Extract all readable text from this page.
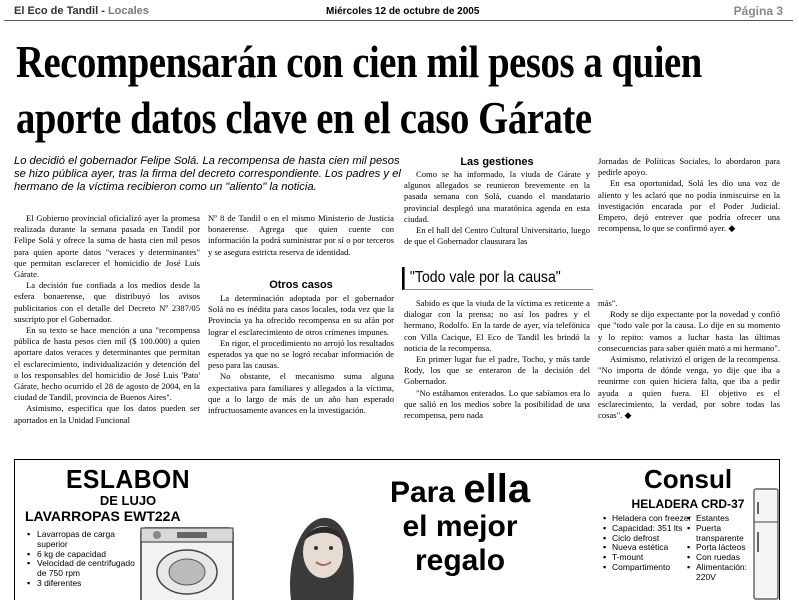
El Eco de Tandil - Locales	Miércoles 12 de octubre de 2005	Página 3
Recompensarán con cien mil pesos a quien
aporte datos clave en el caso Gárate
Lo decidió el gobernador Felipe Solá. La recompensa de hasta cien mil pesos se hizo pública ayer, tras la firma del decreto correspondiente. Los padres y el hermano de la víctima recibieron como un "aliento" la noticia.

El Gobierno provincial oficializó ayer la promesa realizada durante la semana pasada en Tandil por Felipe Solá y ofrece la suma de hasta cien mil pesos para quien aporte datos "veraces y determinantes" que permitan esclarecer el homicidio de José Luis Gárate.

La decisión fue confiada a los medios desde la esfera bonaerense, que distribuyó los avisos publicitarios con el detalle del Decreto Nº 2387/05 suscripto por el Gobernador.

En su texto se hace mención a una "recompensa pública de hasta pesos cien mil ($ 100.000) a quien aportare datos veraces y determinantes que permitan el esclarecimiento, individualización y detención del o los responsables del homicidio de José Luis 'Pato' Gárate, hecho ocurrido el 28 de agosto de 2004, en la ciudad de Tandil, provincia de Buenos Aires".

Asimismo, especifica que los datos pueden ser aportados en la Unidad Funcional

Nº 8 de Tandil o en el mismo Ministerio de Justicia bonaerense. Agrega que quien cuente con información la podrá suministrar por sí o por terceros y se asegura estricta reserva de identidad.

Otros casos

La determinación adoptada por el gobernador Solá no es inédita para casos locales, toda vez que la Provincia ya ha ofrecido recompensa en su afán por lograr el esclarecimiento de otros crímenes impunes.

En rigor, el procedimiento no arrojó los resultados esperados ya que no se logró recabar información de peso para las causas.

No obstante, el mecanismo suma alguna expectativa para familiares y allegados a la víctima, que a lo largo de más de un año han esperado infructuosamente avances en la investigación.

Las gestiones

Como se ha informado, la viuda de Gárate y algunos allegados se reunieron brevemente en la pasada semana con Solá, cuando el mandatario provincial desplegó una maratónica agenda en esta ciudad.

En el hall del Centro Cultural Universitario, luego de que el Gobernador clausurara las

Jornadas de Políticas Sociales, lo abordaron para pedirle apoyo.

En esa oportunidad, Solá les dio una voz de aliento y les aclaró que no podía inmiscuirse en la investigación encarada por el Poder Judicial. Empero, dejó entrever que podría ofrecer una recompensa, lo que se confirmó ayer. ◆

"Todo vale por la causa"

Sabido es que la viuda de la víctima es reticente a dialogar con la prensa; no así los padres y el hermano, Rodolfo. En la tarde de ayer, vía telefónica con Villa Cacique, El Eco de Tandil les brindó la noticia de la recompensa.

En primer lugar fue el padre, Tocho, y más tarde Rody, los que se enteraron de la decisión del Gobernador.

"No estábamos enterados. Lo que sabíamos era lo que salió en los medios sobre la posibilidad de una recompensa, pero nada

más".

Rody se dijo expectante por la novedad y confió que "todo vale por la causa. Lo dije en su momento y lo repito: vamos a luchar hasta las últimas consecuencias para saber quién mató a mi hermano".

Asimismo, relativizó el origen de la recompensa. "No importa de dónde venga, yo dije que iba a reunirme con quien hiciera falta, que iba a pedir ayuda a quien fuera. El objetivo es el esclarecimiento, la verdad, por sobre todas las cosas". ◆

ESLABON
DE LUJO
LAVARROPAS EWT22A
▪ Lavarropas de carga superior
▪ 6 kg de capacidad
▪ Velocidad de centrifugado de 750 rpm
▪ 3 diferentes
Para ella
el mejor
regalo
Consul
HELADERA CRD-37
▪ Heladera con freezer
▪ Capacidad: 351 lts
▪ Ciclo defrost
▪ Nueva estética
▪ T-mount
▪ Compartimento
▪ Estantes
▪ Puerta transparente
▪ Porta lácteos
▪ Con ruedas
▪ Alimentación: 220V
